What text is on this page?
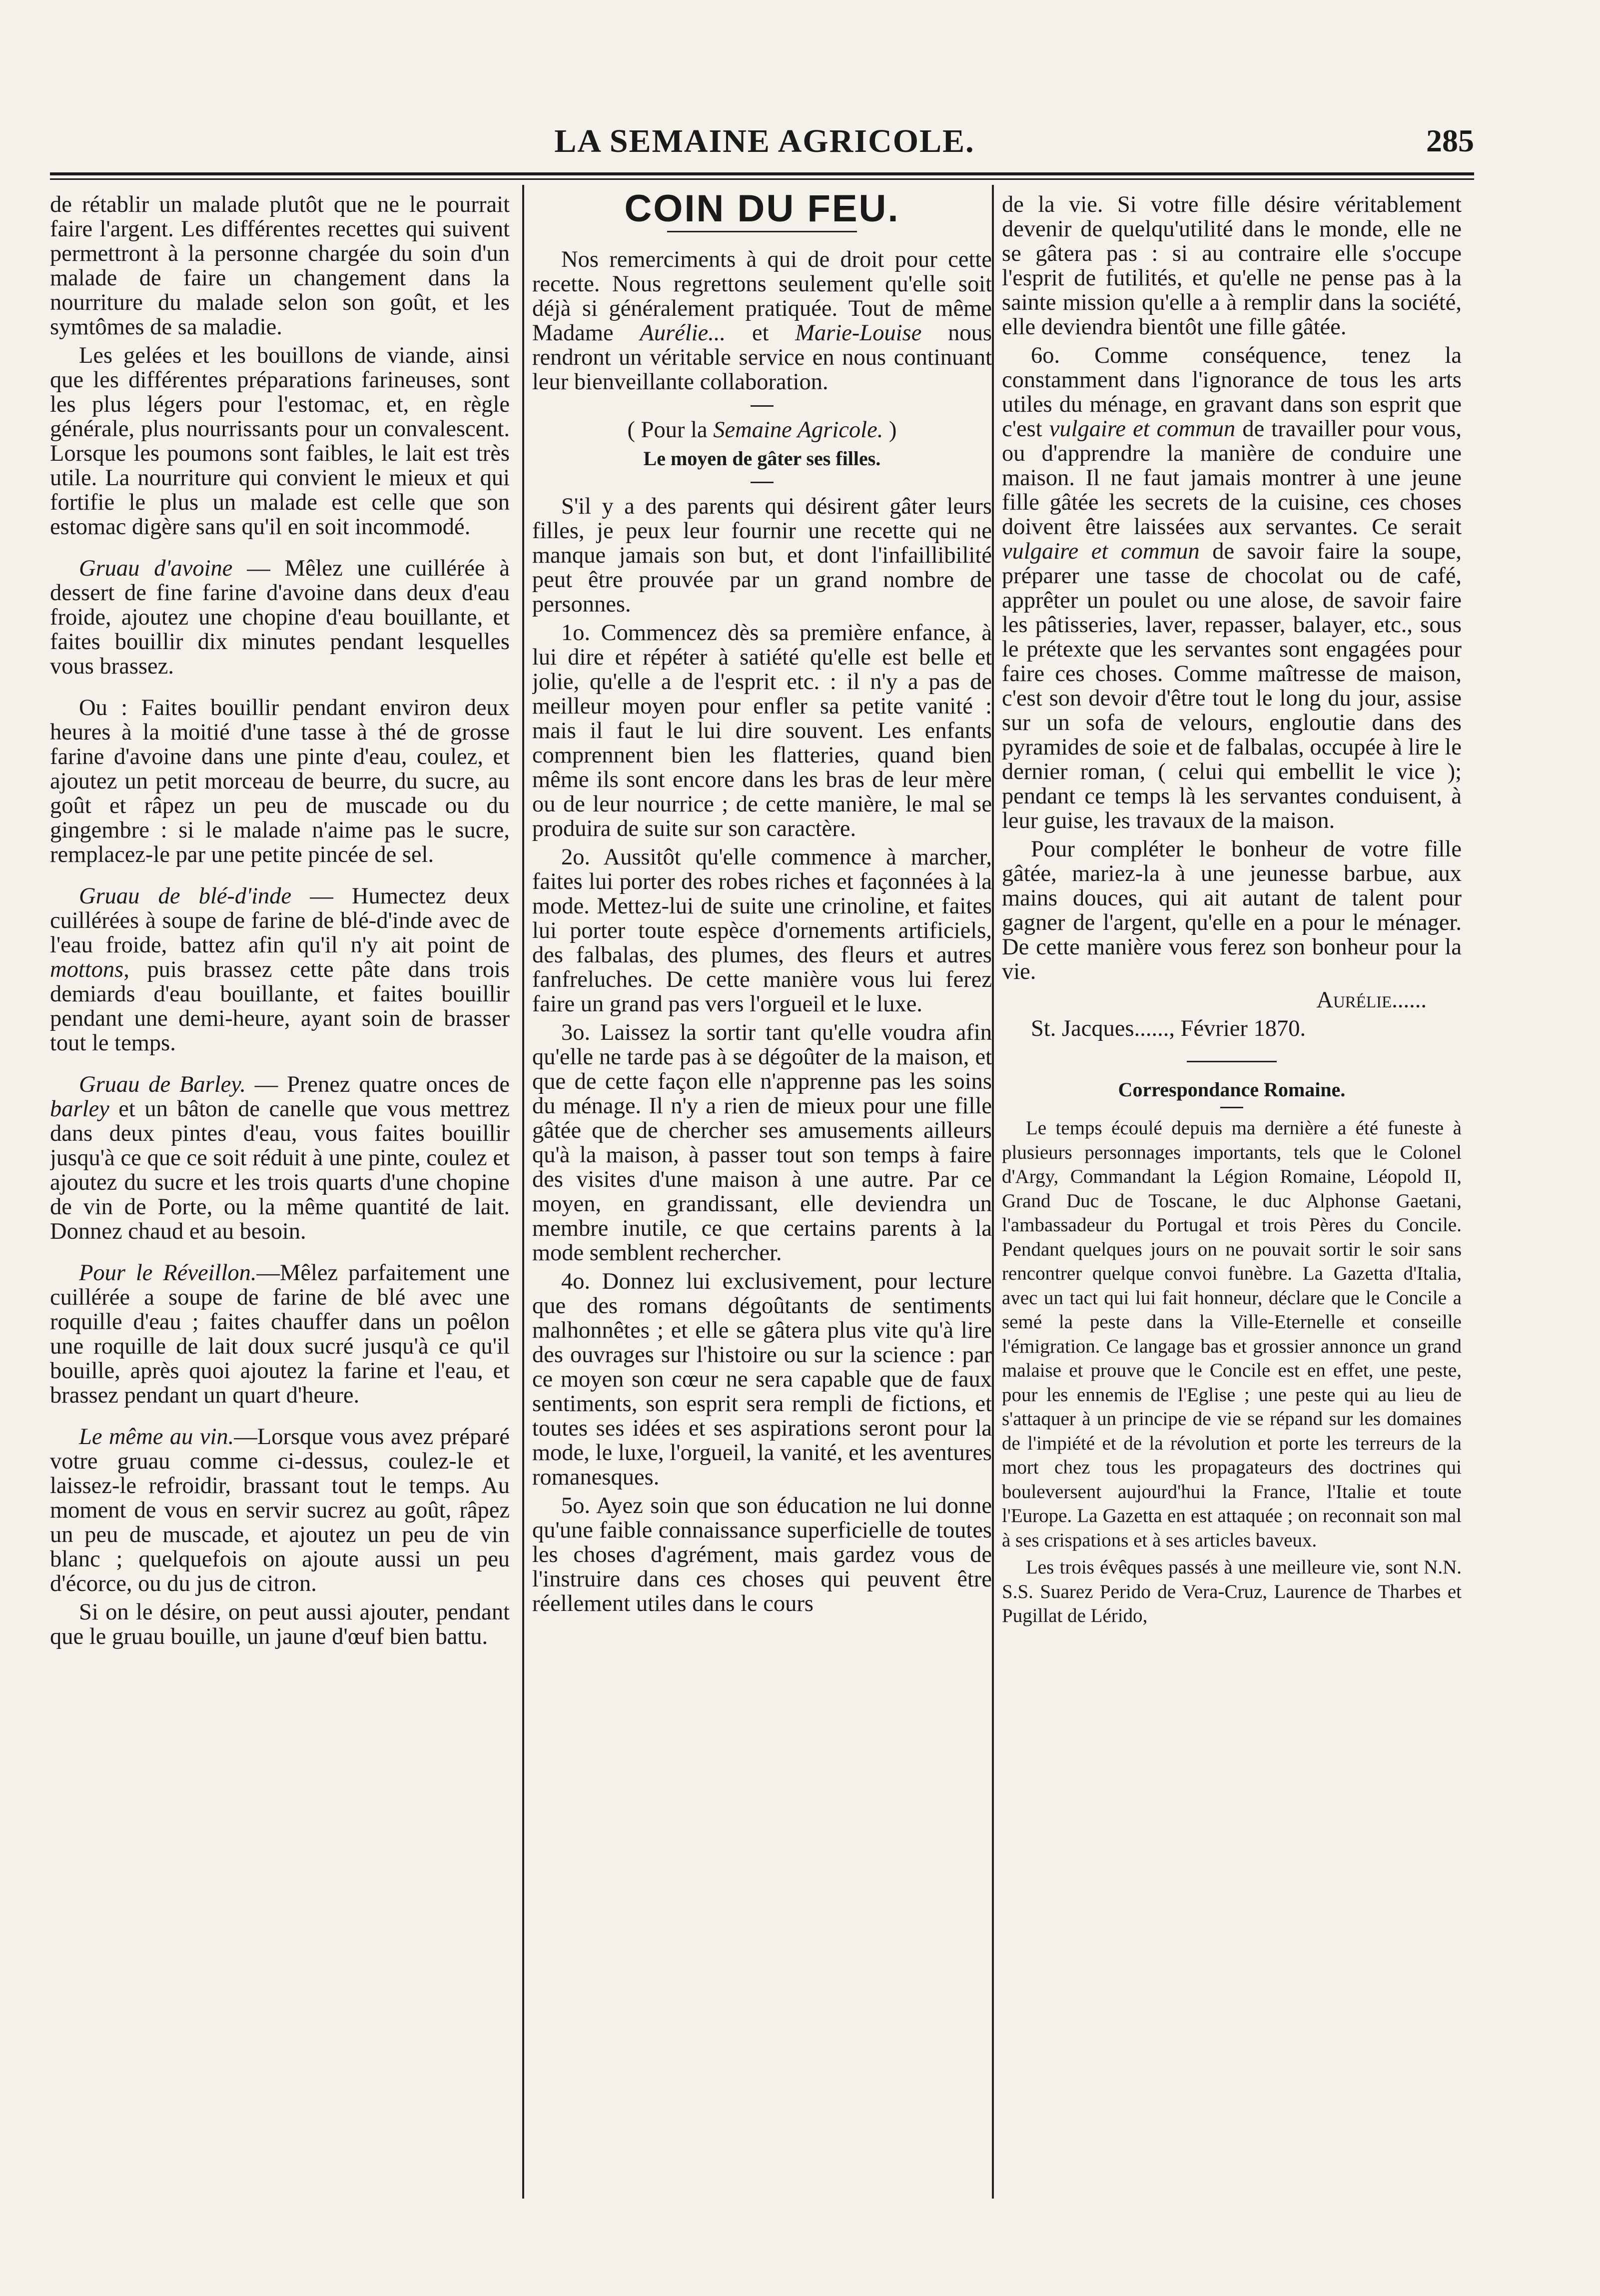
LA SEMAINE AGRICOLE.	285

de rétablir un malade plutôt que ne le pourrait faire l'argent. Les différentes recettes qui suivent permettront à la personne chargée du soin d'un malade de faire un changement dans la nourriture du malade selon son goût, et les symtômes de sa maladie.

Les gelées et les bouillons de viande, ainsi que les différentes préparations farineuses, sont les plus légers pour l'estomac, et, en règle générale, plus nourrissants pour un convalescent. Lorsque les poumons sont faibles, le lait est très utile. La nourriture qui convient le mieux et qui fortifie le plus un malade est celle que son estomac digère sans qu'il en soit incommodé.

Gruau d'avoine — Mêlez une cuillérée à dessert de fine farine d'avoine dans deux d'eau froide, ajoutez une chopine d'eau bouillante, et faites bouillir dix minutes pendant lesquelles vous brassez.

Ou : Faites bouillir pendant environ deux heures à la moitié d'une tasse à thé de grosse farine d'avoine dans une pinte d'eau, coulez, et ajoutez un petit morceau de beurre, du sucre, au goût et râpez un peu de muscade ou du gingembre : si le malade n'aime pas le sucre, remplacez-le par une petite pincée de sel.

Gruau de blé-d'inde — Humectez deux cuillérées à soupe de farine de blé-d'inde avec de l'eau froide, battez afin qu'il n'y ait point de mottons, puis brassez cette pâte dans trois demiards d'eau bouillante, et faites bouillir pendant une demi-heure, ayant soin de brasser tout le temps.

Gruau de Barley. — Prenez quatre onces de barley et un bâton de canelle que vous mettrez dans deux pintes d'eau, vous faites bouillir jusqu'à ce que ce soit réduit à une pinte, coulez et ajoutez du sucre et les trois quarts d'une chopine de vin de Porte, ou la même quantité de lait. Donnez chaud et au besoin.

Pour le Réveillon.—Mêlez parfaitement une cuillérée a soupe de farine de blé avec une roquille d'eau ; faites chauffer dans un poêlon une roquille de lait doux sucré jusqu'à ce qu'il bouille, après quoi ajoutez la farine et l'eau, et brassez pendant un quart d'heure.

Le même au vin.—Lorsque vous avez préparé votre gruau comme ci-dessus, coulez-le et laissez-le refroidir, brassant tout le temps. Au moment de vous en servir sucrez au goût, râpez un peu de muscade, et ajoutez un peu de vin blanc ; quelquefois on ajoute aussi un peu d'écorce, ou du jus de citron.

Si on le désire, on peut aussi ajouter, pendant que le gruau bouille, un jaune d'œuf bien battu.

COIN DU FEU.

Nos remerciments à qui de droit pour cette recette. Nous regrettons seulement qu'elle soit déjà si généralement pratiquée. Tout de même Madame Aurélie... et Marie-Louise nous rendront un véritable service en nous continuant leur bienveillante collaboration.

( Pour la Semaine Agricole. )

Le moyen de gâter ses filles.

S'il y a des parents qui désirent gâter leurs filles, je peux leur fournir une recette qui ne manque jamais son but, et dont l'infaillibilité peut être prouvée par un grand nombre de personnes.

1o. Commencez dès sa première enfance, à lui dire et répéter à satiété qu'elle est belle et jolie, qu'elle a de l'esprit etc. : il n'y a pas de meilleur moyen pour enfler sa petite vanité : mais il faut le lui dire souvent. Les enfants comprennent bien les flatteries, quand bien même ils sont encore dans les bras de leur mère ou de leur nourrice ; de cette manière, le mal se produira de suite sur son caractère.

2o. Aussitôt qu'elle commence à marcher, faites lui porter des robes riches et façonnées à la mode. Mettez-lui de suite une crinoline, et faites lui porter toute espèce d'ornements artificiels, des falbalas, des plumes, des fleurs et autres fanfreluches. De cette manière vous lui ferez faire un grand pas vers l'orgueil et le luxe.

3o. Laissez la sortir tant qu'elle voudra afin qu'elle ne tarde pas à se dégoûter de la maison, et que de cette façon elle n'apprenne pas les soins du ménage. Il n'y a rien de mieux pour une fille gâtée que de chercher ses amusements ailleurs qu'à la maison, à passer tout son temps à faire des visites d'une maison à une autre. Par ce moyen, en grandissant, elle deviendra un membre inutile, ce que certains parents à la mode semblent rechercher.

4o. Donnez lui exclusivement, pour lecture que des romans dégoûtants de sentiments malhonnêtes ; et elle se gâtera plus vite qu'à lire des ouvrages sur l'histoire ou sur la science : par ce moyen son cœur ne sera capable que de faux sentiments, son esprit sera rempli de fictions, et toutes ses idées et ses aspirations seront pour la mode, le luxe, l'orgueil, la vanité, et les aventures romanesques.

5o. Ayez soin que son éducation ne lui donne qu'une faible connaissance superficielle de toutes les choses d'agrément, mais gardez vous de l'instruire dans ces choses qui peuvent être réellement utiles dans le cours

de la vie. Si votre fille désire véritablement devenir de quelqu'utilité dans le monde, elle ne se gâtera pas : si au contraire elle s'occupe l'esprit de futilités, et qu'elle ne pense pas à la sainte mission qu'elle a à remplir dans la société, elle deviendra bientôt une fille gâtée.

6o. Comme conséquence, tenez la constamment dans l'ignorance de tous les arts utiles du ménage, en gravant dans son esprit que c'est vulgaire et commun de travailler pour vous, ou d'apprendre la manière de conduire une maison. Il ne faut jamais montrer à une jeune fille gâtée les secrets de la cuisine, ces choses doivent être laissées aux servantes. Ce serait vulgaire et commun de savoir faire la soupe, préparer une tasse de chocolat ou de café, apprêter un poulet ou une alose, de savoir faire les pâtisseries, laver, repasser, balayer, etc., sous le prétexte que les servantes sont engagées pour faire ces choses. Comme maîtresse de maison, c'est son devoir d'être tout le long du jour, assise sur un sofa de velours, engloutie dans des pyramides de soie et de falbalas, occupée à lire le dernier roman, ( celui qui embellit le vice ); pendant ce temps là les servantes conduisent, à leur guise, les travaux de la maison.

Pour compléter le bonheur de votre fille gâtée, mariez-la à une jeunesse barbue, aux mains douces, qui ait autant de talent pour gagner de l'argent, qu'elle en a pour le ménager. De cette manière vous ferez son bonheur pour la vie.

Aurélie......

St. Jacques......, Février 1870.

Correspondance Romaine.

Le temps écoulé depuis ma dernière a été funeste à plusieurs personnages importants, tels que le Colonel d'Argy, Commandant la Légion Romaine, Léopold II, Grand Duc de Toscane, le duc Alphonse Gaetani, l'ambassadeur du Portugal et trois Pères du Concile. Pendant quelques jours on ne pouvait sortir le soir sans rencontrer quelque convoi funèbre. La Gazetta d'Italia, avec un tact qui lui fait honneur, déclare que le Concile a semé la peste dans la Ville-Eternelle et conseille l'émigration. Ce langage bas et grossier annonce un grand malaise et prouve que le Concile est en effet, une peste, pour les ennemis de l'Eglise ; une peste qui au lieu de s'attaquer à un principe de vie se répand sur les domaines de l'impiété et de la révolution et porte les terreurs de la mort chez tous les propagateurs des doctrines qui bouleversent aujourd'hui la France, l'Italie et toute l'Europe. La Gazetta en est attaquée ; on reconnait son mal à ses crispations et à ses articles baveux.

Les trois évêques passés à une meilleure vie, sont N.N. S.S. Suarez Perido de Vera-Cruz, Laurence de Tharbes et Pugillat de Lérido,
